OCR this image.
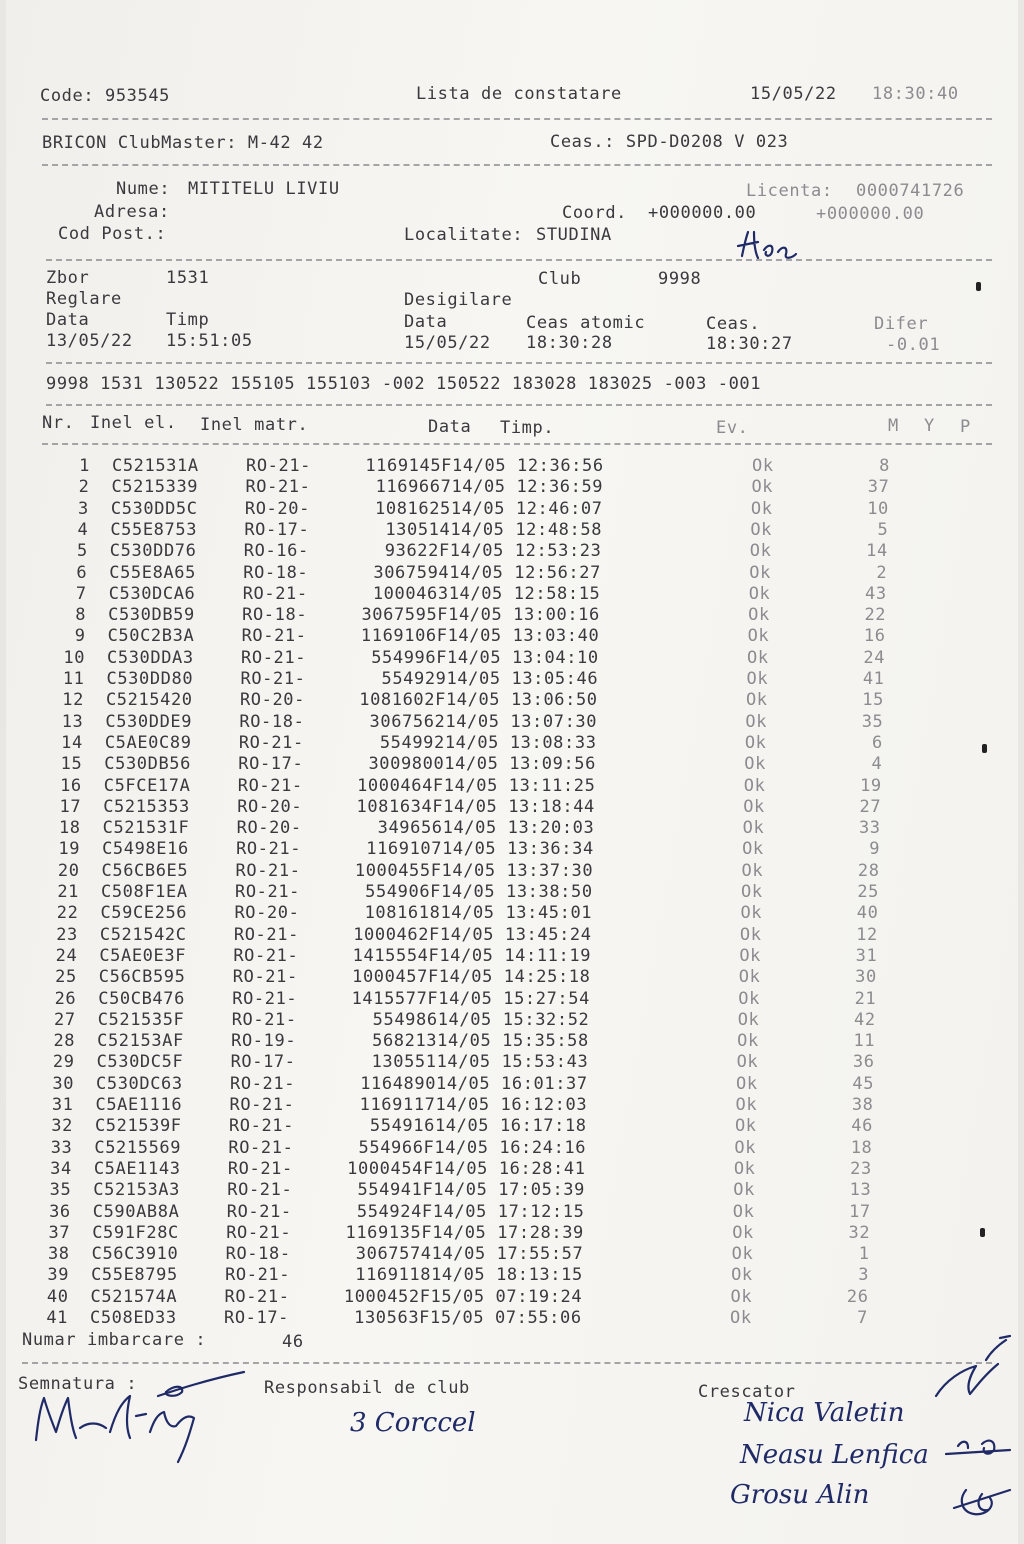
Code: 953545	Lista de constatare	15/05/22 18:30:40
BRICON ClubMaster: M-42 42	Ceas.: SPD-D0208 V 023
Nume: MITITELU LIVIU	Licenta: 0000741726
Adresa:	Coord. +000000.00	+000000.00
Cod Post.:	Localitate: STUDINA
Zbor	1531	Club	9998
Reglare	Desigilare
Data	Timp	Data	Ceas atomic	Ceas.	Difer
13/05/22 15:51:05	15/05/22 18:30:28	18:30:27	-0.01
9998 1531 130522 155105 155103 -002 150522 183028 183025 -003 -001
Nr. Inel el. Inel matr.	Data Timp.	Ev.	M Y P
1 C521531A	RO-21-	1169145F 14/05 12:36:56	Ok	8
2 C5215339	RO-21-	1169667 14/05 12:36:59	Ok	37
3 C530DD5C	RO-20-	1081625 14/05 12:46:07	Ok	10
4 C55E8753	RO-17-	130514 14/05 12:48:58	Ok	5
5 C530DD76	RO-16-	93622F 14/05 12:53:23	Ok	14
6 C55E8A65	RO-18-	3067594 14/05 12:56:27	Ok	2
7 C530DCA6	RO-21-	1000463 14/05 12:58:15	Ok	43
8 C530DB59	RO-18-	3067595F 14/05 13:00:16	Ok	22
9 C50C2B3A	RO-21-	1169106F 14/05 13:03:40	Ok	16
10 C530DDA3	RO-21-	554996F 14/05 13:04:10	Ok	24
11 C530DD80	RO-21-	554929 14/05 13:05:46	Ok	41
12 C5215420	RO-20-	1081602F 14/05 13:06:50	Ok	15
13 C530DDE9	RO-18-	3067562 14/05 13:07:30	Ok	35
14 C5AE0C89	RO-21-	554992 14/05 13:08:33	Ok	6
15 C530DB56	RO-17-	3009800 14/05 13:09:56	Ok	4
16 C5FCE17A	RO-21-	1000464F 14/05 13:11:25	Ok	19
17 C5215353	RO-20-	1081634F 14/05 13:18:44	Ok	27
18 C521531F	RO-20-	349656 14/05 13:20:03	Ok	33
19 C5498E16	RO-21-	1169107 14/05 13:36:34	Ok	9
20 C56CB6E5	RO-21-	1000455F 14/05 13:37:30	Ok	28
21 C508F1EA	RO-21-	554906F 14/05 13:38:50	Ok	25
22 C59CE256	RO-20-	1081618 14/05 13:45:01	Ok	40
23 C521542C	RO-21-	1000462F 14/05 13:45:24	Ok	12
24 C5AE0E3F	RO-21-	1415554F 14/05 14:11:19	Ok	31
25 C56CB595	RO-21-	1000457F 14/05 14:25:18	Ok	30
26 C50CB476	RO-21-	1415577F 14/05 15:27:54	Ok	21
27 C521535F	RO-21-	554986 14/05 15:32:52	Ok	42
28 C52153AF	RO-19-	568213 14/05 15:35:58	Ok	11
29 C530DC5F	RO-17-	130551 14/05 15:53:43	Ok	36
30 C530DC63	RO-21-	1164890 14/05 16:01:37	Ok	45
31 C5AE1116	RO-21-	1169117 14/05 16:12:03	Ok	38
32 C521539F	RO-21-	554916 14/05 16:17:18	Ok	46
33 C5215569	RO-21-	554966F 14/05 16:24:16	Ok	18
34 C5AE1143	RO-21-	1000454F 14/05 16:28:41	Ok	23
35 C52153A3	RO-21-	554941F 14/05 17:05:39	Ok	13
36 C590AB8A	RO-21-	554924F 14/05 17:12:15	Ok	17
37 C591F28C	RO-21-	1169135F 14/05 17:28:39	Ok	32
38 C56C3910	RO-18-	3067574 14/05 17:55:57	Ok	1
39 C55E8795	RO-21-	1169118 14/05 18:13:15	Ok	3
40 C521574A	RO-21-	1000452F 15/05 07:19:24	Ok	26
41 C508ED33	RO-17-	130563F 15/05 07:55:06	Ok	7
Numar imbarcare :	46
Semnatura :	Responsabil de club	Crescator
3 Corccel	Nica Valetin
Neasu Lenfica
Grosu Alin
